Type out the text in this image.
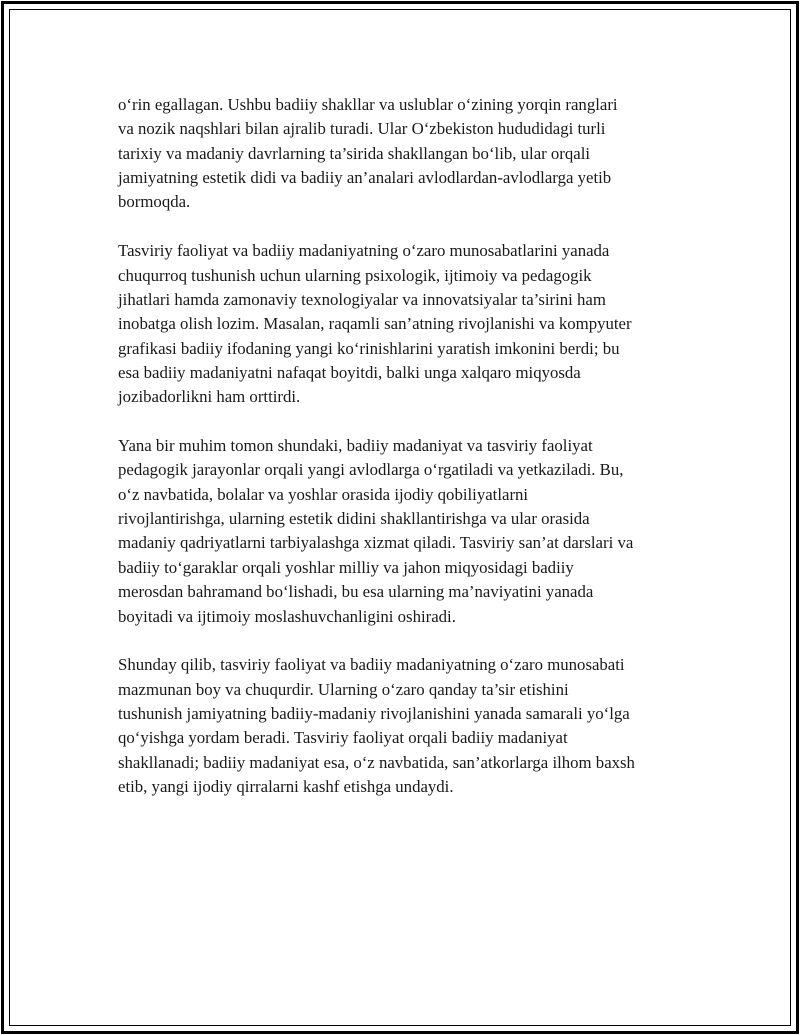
o‘rin egallagan. Ushbu badiiy shakllar va uslublar o‘zining yorqin ranglari
va nozik naqshlari bilan ajralib turadi. Ular O‘zbekiston hududidagi turli
tarixiy va madaniy davrlarning ta’sirida shakllangan bo‘lib, ular orqali
jamiyatning estetik didi va badiiy an’analari avlodlardan-avlodlarga yetib
bormoqda.
Tasviriy faoliyat va badiiy madaniyatning o‘zaro munosabatlarini yanada
chuqurroq tushunish uchun ularning psixologik, ijtimoiy va pedagogik
jihatlari hamda zamonaviy texnologiyalar va innovatsiyalar ta’sirini ham
inobatga olish lozim. Masalan, raqamli san’atning rivojlanishi va kompyuter
grafikasi badiiy ifodaning yangi ko‘rinishlarini yaratish imkonini berdi; bu
esa badiiy madaniyatni nafaqat boyitdi, balki unga xalqaro miqyosda
jozibadorlikni ham orttirdi.
Yana bir muhim tomon shundaki, badiiy madaniyat va tasviriy faoliyat
pedagogik jarayonlar orqali yangi avlodlarga o‘rgatiladi va yetkaziladi. Bu,
o‘z navbatida, bolalar va yoshlar orasida ijodiy qobiliyatlarni
rivojlantirishga, ularning estetik didini shakllantirishga va ular orasida
madaniy qadriyatlarni tarbiyalashga xizmat qiladi. Tasviriy san’at darslari va
badiiy to‘garaklar orqali yoshlar milliy va jahon miqyosidagi badiiy
merosdan bahramand bo‘lishadi, bu esa ularning ma’naviyatini yanada
boyitadi va ijtimoiy moslashuvchanligini oshiradi.
Shunday qilib, tasviriy faoliyat va badiiy madaniyatning o‘zaro munosabati
mazmunan boy va chuqurdir. Ularning o‘zaro qanday ta’sir etishini
tushunish jamiyatning badiiy-madaniy rivojlanishini yanada samarali yo‘lga
qo‘yishga yordam beradi. Tasviriy faoliyat orqali badiiy madaniyat
shakllanadi; badiiy madaniyat esa, o‘z navbatida, san’atkorlarga ilhom baxsh
etib, yangi ijodiy qirralarni kashf etishga undaydi.
